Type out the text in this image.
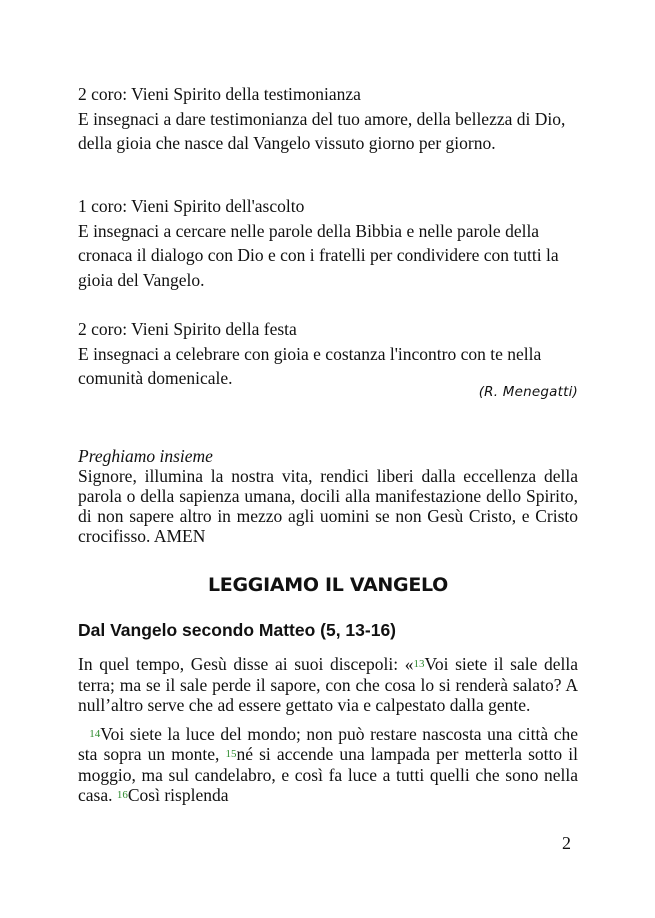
2 coro: Vieni Spirito della testimonianza

E insegnaci a dare testimonianza del tuo amore, della bellezza di Dio, della gioia che nasce dal Vangelo vissuto giorno per giorno.

1 coro: Vieni Spirito dell'ascolto

E insegnaci a cercare nelle parole della Bibbia e nelle parole della cronaca il dialogo con Dio e con i fratelli per condividere con tutti la gioia del Vangelo.

2 coro: Vieni Spirito della festa

E insegnaci a celebrare con gioia e costanza l'incontro con te nella comunità domenicale.

(R. Menegatti)
Preghiamo insieme
Signore, illumina la nostra vita, rendici liberi dalla eccellenza della parola o della sapienza umana, docili alla manifestazione dello Spirito, di non sapere altro in mezzo agli uomini se non Gesù Cristo, e Cristo crocifisso. AMEN
LEGGIAMO IL VANGELO
Dal Vangelo secondo Matteo (5, 13-16)

In quel tempo, Gesù disse ai suoi discepoli: «13Voi siete il sale della terra; ma se il sale perde il sapore, con che cosa lo si renderà salato? A null’altro serve che ad essere gettato via e calpestato dalla gente.

14Voi siete la luce del mondo; non può restare nascosta una città che sta sopra un monte, 15né si accende una lampada per metterla sotto il moggio, ma sul candelabro, e così fa luce a tutti quelli che sono nella casa. 16Così risplenda

2
